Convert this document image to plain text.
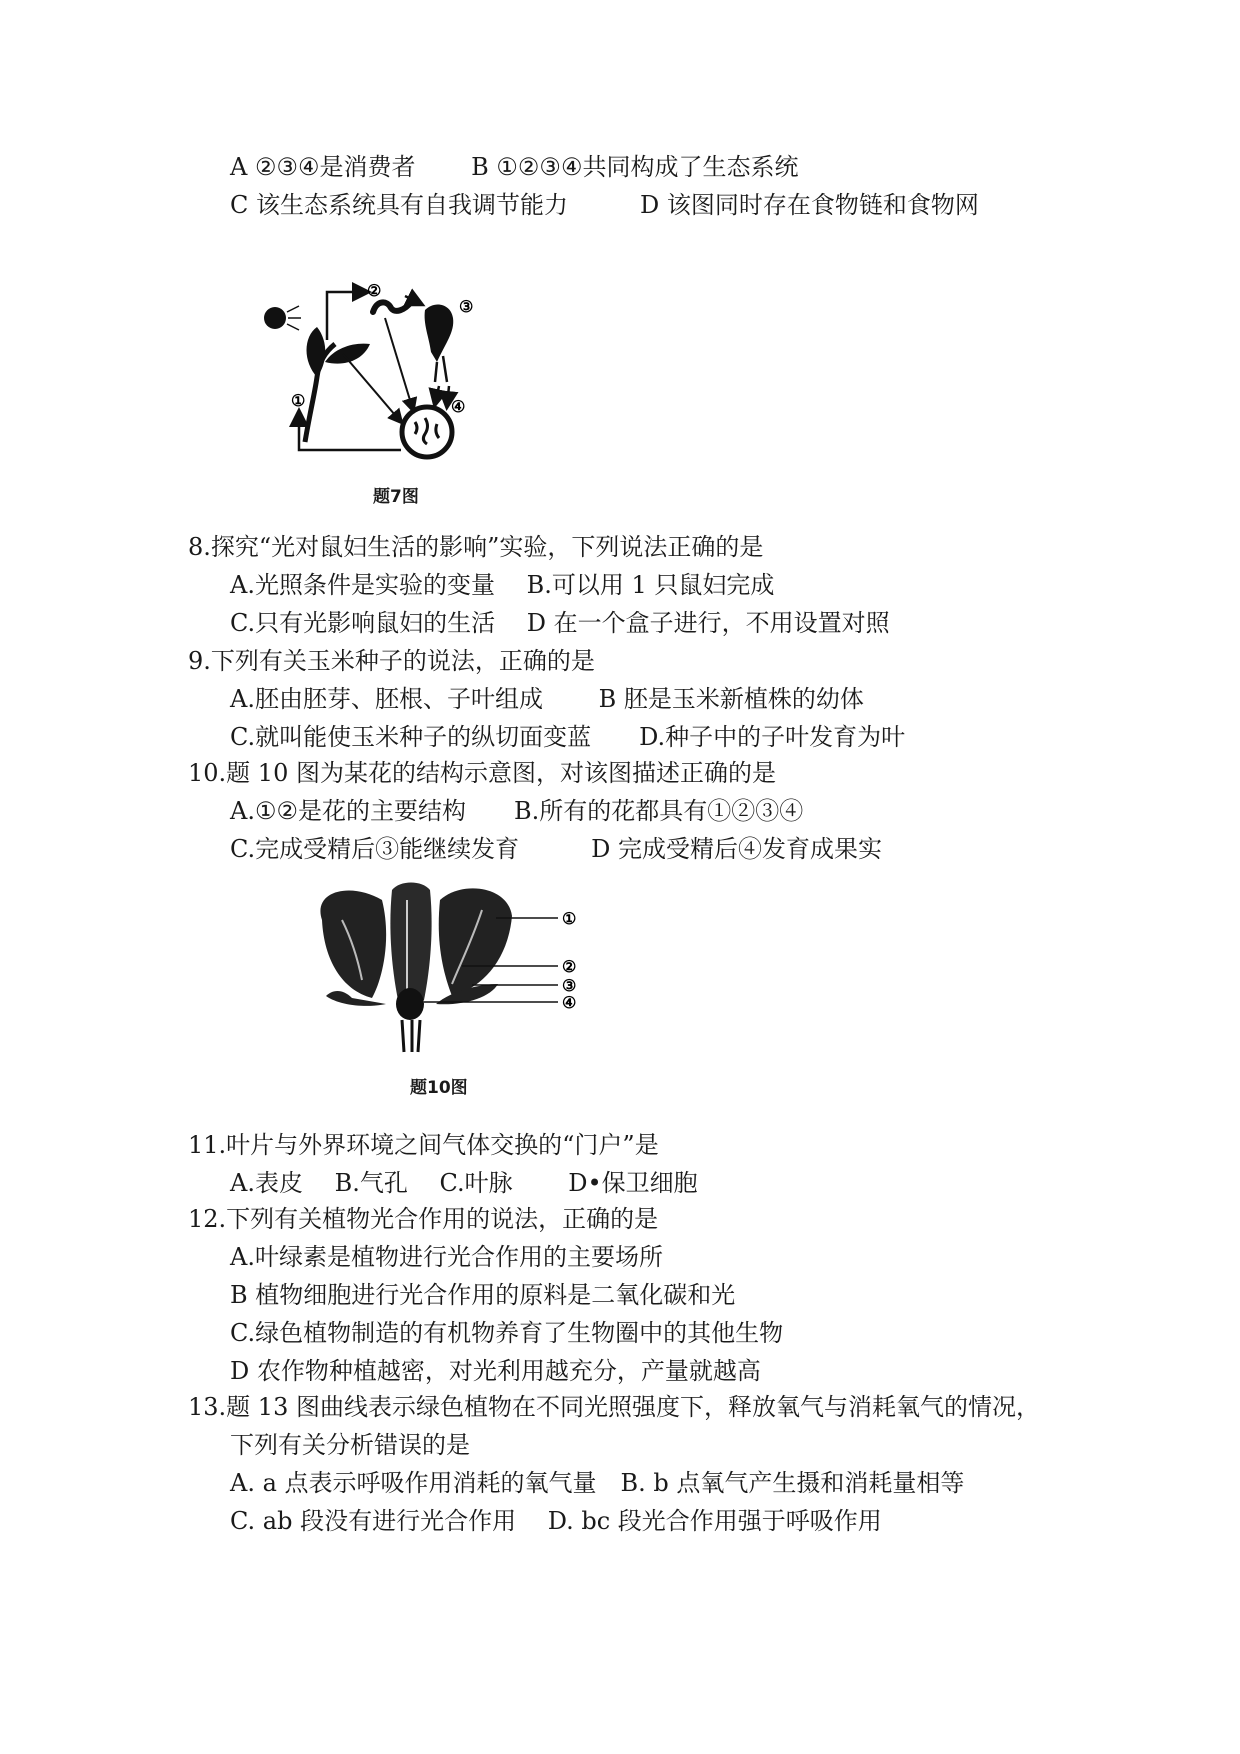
A ②③④是消费者　　 B ①②③④共同构成了生态系统
C 该生态系统具有自我调节能力　　　D 该图同时存在食物链和食物网
①
②
③
④
题7图
8.探究“光对鼠妇生活的影响”实验，下列说法正确的是
A.光照条件是实验的变量　 B.可以用 1 只鼠妇完成
C.只有光影响鼠妇的生活　 D 在一个盒子进行，不用设置对照
9.下列有关玉米种子的说法，正确的是
A.胚由胚芽、胚根、子叶组成　　 B 胚是玉米新植株的幼体
C.就叫能使玉米种子的纵切面变蓝　　D.种子中的子叶发育为叶
10.题 10 图为某花的结构示意图，对该图描述正确的是
A.①②是花的主要结构　　B.所有的花都具有①②③④
C.完成受精后③能继续发育　　　D 完成受精后④发育成果实
①
②
③
④
题10图
11.叶片与外界环境之间气体交换的“门户”是
A.表皮　 B.气孔　 C.叶脉　　 D•保卫细胞
12.下列有关植物光合作用的说法，正确的是
A.叶绿素是植物进行光合作用的主要场所
B 植物细胞进行光合作用的原料是二氧化碳和光
C.绿色植物制造的有机物养育了生物圈中的其他生物
D 农作物种植越密，对光利用越充分，产量就越高
13.题 13 图曲线表示绿色植物在不同光照强度下，释放氧气与消耗氧气的情况，
下列有关分析错误的是
A. a 点表示呼吸作用消耗的氧气量　B. b 点氧气产生摄和消耗量相等
C. ab 段没有进行光合作用　 D. bc 段光合作用强于呼吸作用
